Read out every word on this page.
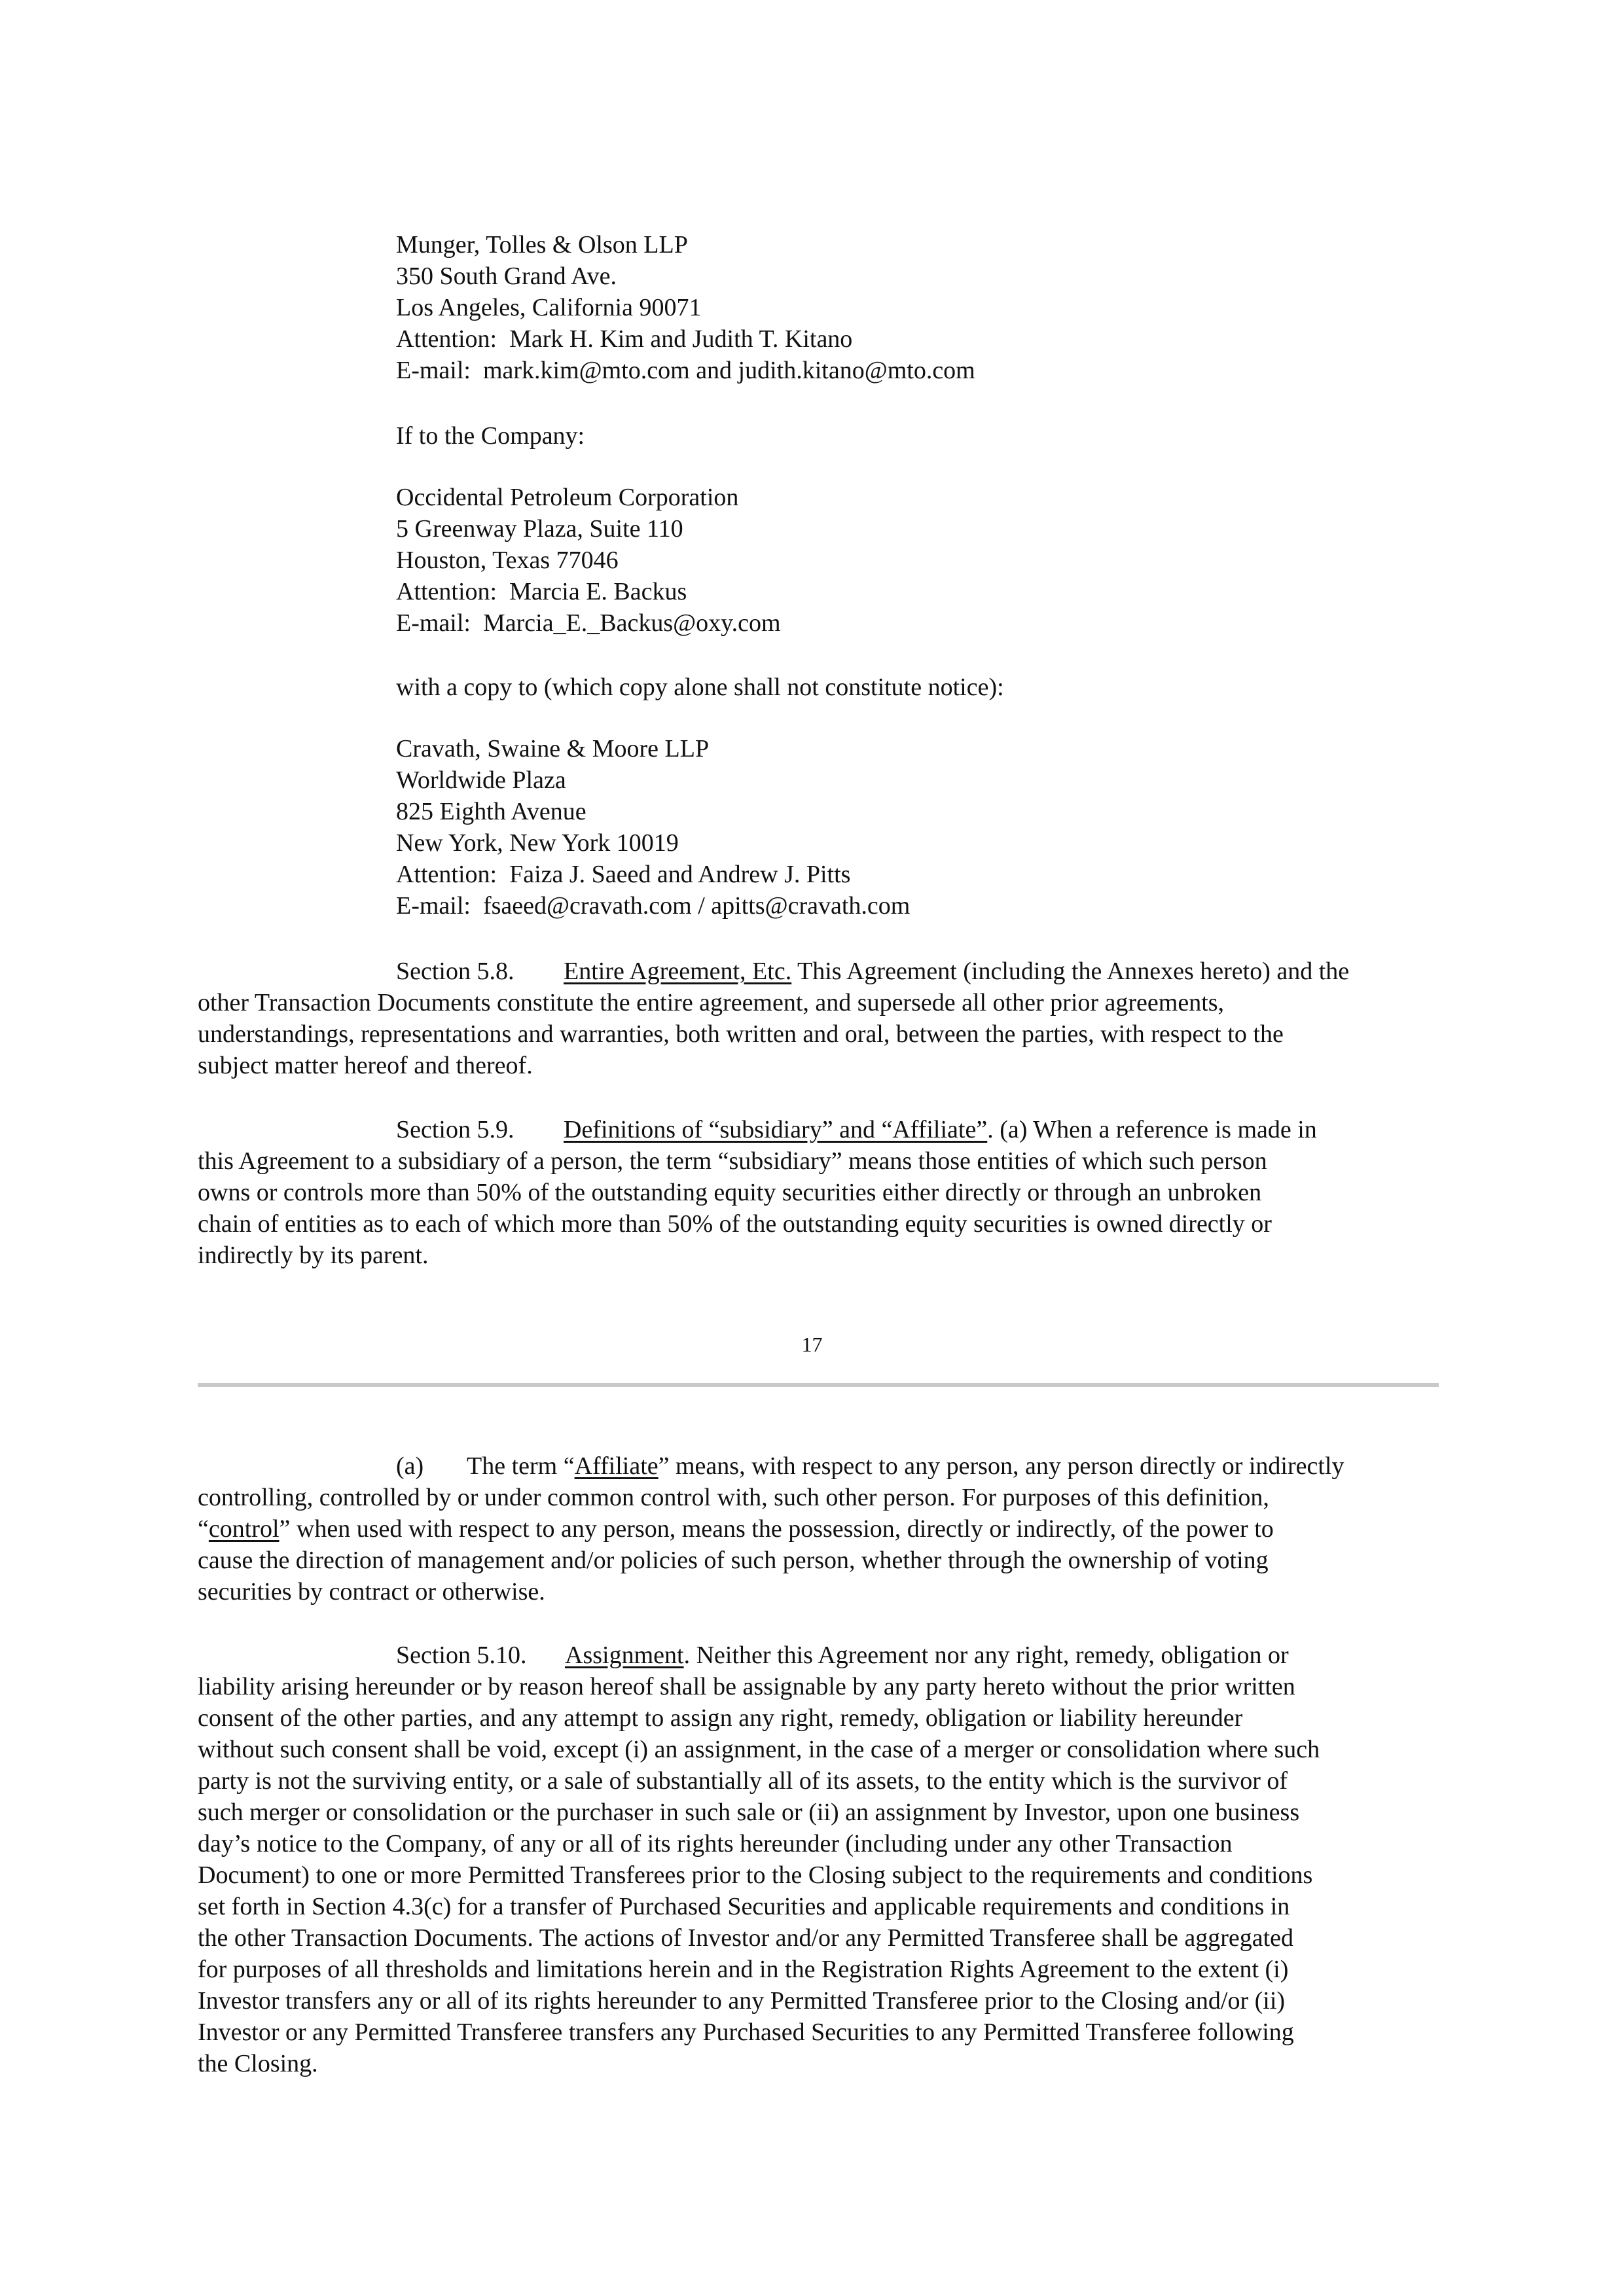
Munger, Tolles & Olson LLP
350 South Grand Ave.
Los Angeles, California 90071
Attention:  Mark H. Kim and Judith T. Kitano
E-mail:  mark.kim@mto.com and judith.kitano@mto.com
If to the Company:
Occidental Petroleum Corporation
5 Greenway Plaza, Suite 110
Houston, Texas 77046
Attention:  Marcia E. Backus
E-mail:  Marcia_E._Backus@oxy.com
with a copy to (which copy alone shall not constitute notice):
Cravath, Swaine & Moore LLP
Worldwide Plaza
825 Eighth Avenue
New York, New York 10019
Attention:  Faiza J. Saeed and Andrew J. Pitts
E-mail:  fsaeed@cravath.com / apitts@cravath.com
Section 5.8. Entire Agreement, Etc. This Agreement (including the Annexes hereto) and the
other Transaction Documents constitute the entire agreement, and supersede all other prior agreements,
understandings, representations and warranties, both written and oral, between the parties, with respect to the
subject matter hereof and thereof.
Section 5.9. Definitions of “subsidiary” and “Affiliate”. (a) When a reference is made in
this Agreement to a subsidiary of a person, the term “subsidiary” means those entities of which such person
owns or controls more than 50% of the outstanding equity securities either directly or through an unbroken
chain of entities as to each of which more than 50% of the outstanding equity securities is owned directly or
indirectly by its parent.
17
(a) The term “Affiliate” means, with respect to any person, any person directly or indirectly
controlling, controlled by or under common control with, such other person. For purposes of this definition,
“control” when used with respect to any person, means the possession, directly or indirectly, of the power to
cause the direction of management and/or policies of such person, whether through the ownership of voting
securities by contract or otherwise.
Section 5.10. Assignment. Neither this Agreement nor any right, remedy, obligation or
liability arising hereunder or by reason hereof shall be assignable by any party hereto without the prior written
consent of the other parties, and any attempt to assign any right, remedy, obligation or liability hereunder
without such consent shall be void, except (i) an assignment, in the case of a merger or consolidation where such
party is not the surviving entity, or a sale of substantially all of its assets, to the entity which is the survivor of
such merger or consolidation or the purchaser in such sale or (ii) an assignment by Investor, upon one business
day’s notice to the Company, of any or all of its rights hereunder (including under any other Transaction
Document) to one or more Permitted Transferees prior to the Closing subject to the requirements and conditions
set forth in Section 4.3(c) for a transfer of Purchased Securities and applicable requirements and conditions in
the other Transaction Documents. The actions of Investor and/or any Permitted Transferee shall be aggregated
for purposes of all thresholds and limitations herein and in the Registration Rights Agreement to the extent (i)
Investor transfers any or all of its rights hereunder to any Permitted Transferee prior to the Closing and/or (ii)
Investor or any Permitted Transferee transfers any Purchased Securities to any Permitted Transferee following
the Closing.
